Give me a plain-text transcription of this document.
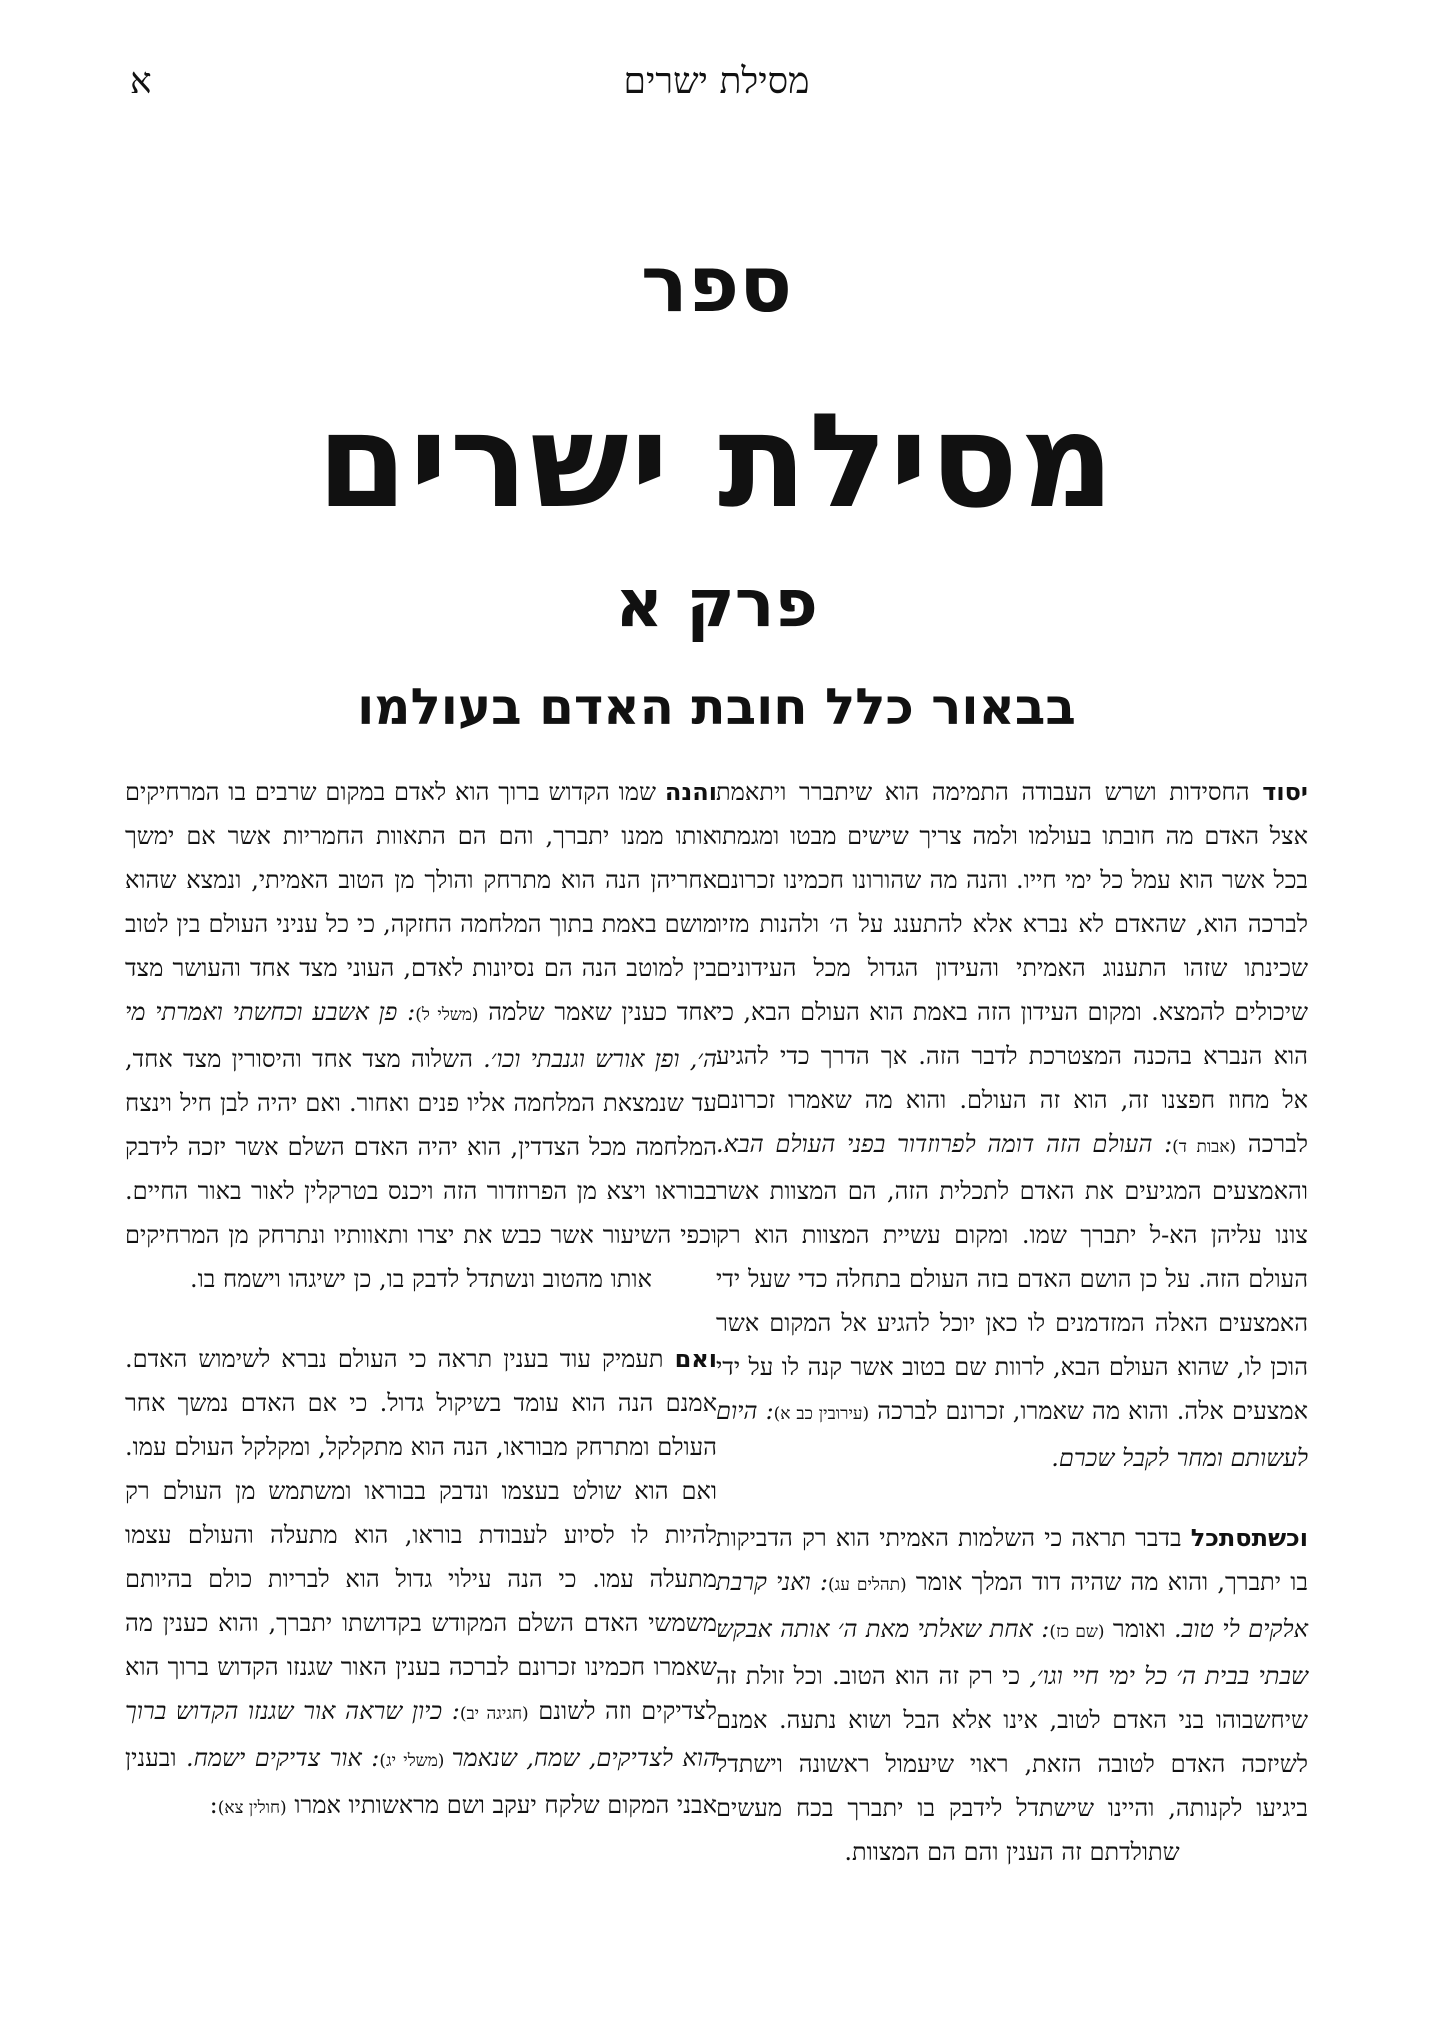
מסילת ישרים
א
ספר
מסילת ישרים
פרק א
בבאור כלל חובת האדם בעולמו

יסוד החסידות ושרש העבודה התמימה הוא שיתברר ויתאמת אצל האדם מה חובתו בעולמו ולמה צריך שישים מבטו ומגמתו בכל אשר הוא עמל כל ימי חייו. והנה מה שהורונו חכמינו זכרונם לברכה הוא, שהאדם לא נברא אלא להתענג על ה׳ ולהנות מזיו שכינתו שזהו התענוג האמיתי והעידון הגדול מכל העידונים שיכולים להמצא. ומקום העידון הזה באמת הוא העולם הבא, כי הוא הנברא בהכנה המצטרכת לדבר הזה. אך הדרך כדי להגיע אל מחוז חפצנו זה, הוא זה העולם. והוא מה שאמרו זכרונם לברכה (אבות ד): העולם הזה דומה לפרוזדור בפני העולם הבא. והאמצעים המגיעים את האדם לתכלית הזה, הם המצוות אשר צונו עליהן הא-ל יתברך שמו. ומקום עשיית המצוות הוא רק העולם הזה. על כן הושם האדם בזה העולם בתחלה כדי שעל ידי האמצעים האלה המזדמנים לו כאן יוכל להגיע אל המקום אשר הוכן לו, שהוא העולם הבא, לרוות שם בטוב אשר קנה לו על ידי אמצעים אלה. והוא מה שאמרו, זכרונם לברכה (עירובין כב א): היום לעשותם ומחר לקבל שכרם.

וכשתסתכל בדבר תראה כי השלמות האמיתי הוא רק הדביקות בו יתברך, והוא מה שהיה דוד המלך אומר (תהלים עג): ואני קרבת אלקים לי טוב. ואומר (שם כז): אחת שאלתי מאת ה׳ אותה אבקש שבתי בבית ה׳ כל ימי חיי וגו׳, כי רק זה הוא הטוב. וכל זולת זה שיחשבוהו בני האדם לטוב, אינו אלא הבל ושוא נתעה. אמנם לשיזכה האדם לטובה הזאת, ראוי שיעמול ראשונה וישתדל ביגיעו לקנותה, והיינו שישתדל לידבק בו יתברך בכח מעשים שתולדתם זה הענין והם הם המצוות.

והנה שמו הקדוש ברוך הוא לאדם במקום שרבים בו המרחיקים אותו ממנו יתברך, והם הם התאוות החמריות אשר אם ימשך אחריהן הנה הוא מתרחק והולך מן הטוב האמיתי, ונמצא שהוא מושם באמת בתוך המלחמה החזקה, כי כל עניני העולם בין לטוב בין למוטב הנה הם נסיונות לאדם, העוני מצד אחד והעושר מצד אחד כענין שאמר שלמה (משלי ל): פן אשבע וכחשתי ואמרתי מי ה׳, ופן אורש וגנבתי וכו׳. השלוה מצד אחד והיסורין מצד אחד, עד שנמצאת המלחמה אליו פנים ואחור. ואם יהיה לבן חיל וינצח המלחמה מכל הצדדין, הוא יהיה האדם השלם אשר יזכה לידבק בבוראו ויצא מן הפרוזדור הזה ויכנס בטרקלין לאור באור החיים. וכפי השיעור אשר כבש את יצרו ותאוותיו ונתרחק מן המרחיקים אותו מהטוב ונשתדל לדבק בו, כן ישיגהו וישמח בו.

ואם תעמיק עוד בענין תראה כי העולם נברא לשימוש האדם. אמנם הנה הוא עומד בשיקול גדול. כי אם האדם נמשך אחר העולם ומתרחק מבוראו, הנה הוא מתקלקל, ומקלקל העולם עמו. ואם הוא שולט בעצמו ונדבק בבוראו ומשתמש מן העולם רק להיות לו לסיוע לעבודת בוראו, הוא מתעלה והעולם עצמו מתעלה עמו. כי הנה עילוי גדול הוא לבריות כולם בהיותם משמשי האדם השלם המקודש בקדושתו יתברך, והוא כענין מה שאמרו חכמינו זכרונם לברכה בענין האור שגנזו הקדוש ברוך הוא לצדיקים וזה לשונם (חגיגה יב): כיון שראה אור שגנזו הקדוש ברוך הוא לצדיקים, שמח, שנאמר (משלי יג): אור צדיקים ישמח. ובענין אבני המקום שלקח יעקב ושם מראשותיו אמרו (חולין צא):
